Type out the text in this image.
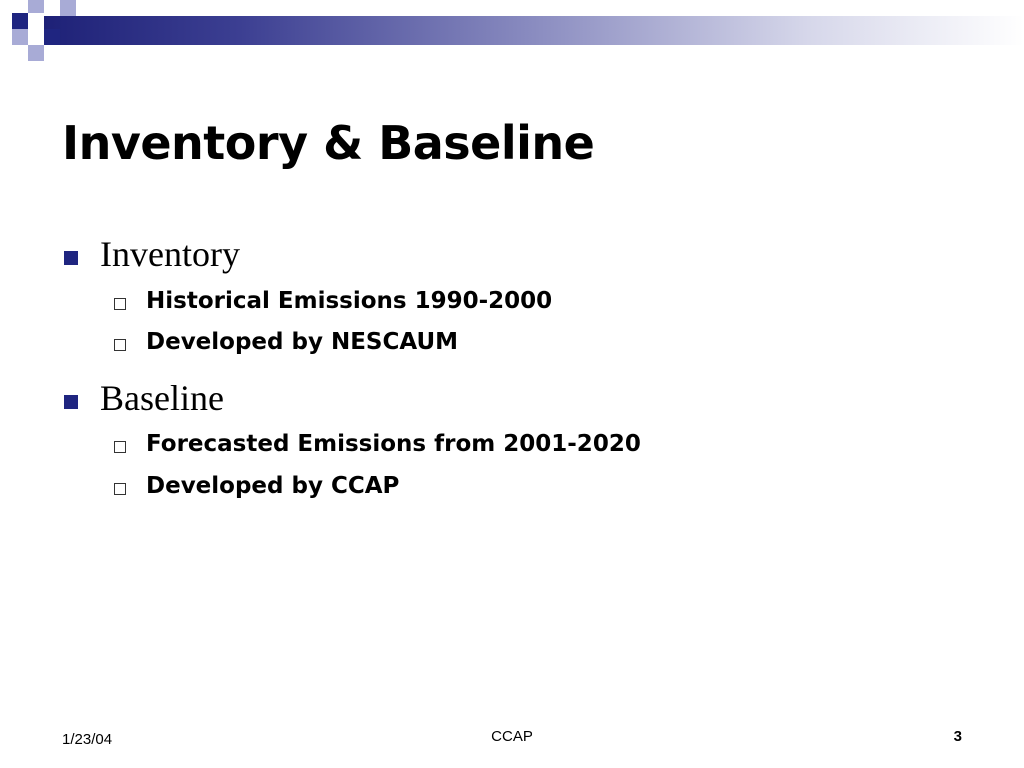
Inventory & Baseline
Inventory
Historical Emissions 1990-2000
Developed by NESCAUM
Baseline
Forecasted Emissions from 2001-2020
Developed by CCAP
1/23/04	CCAP	3
